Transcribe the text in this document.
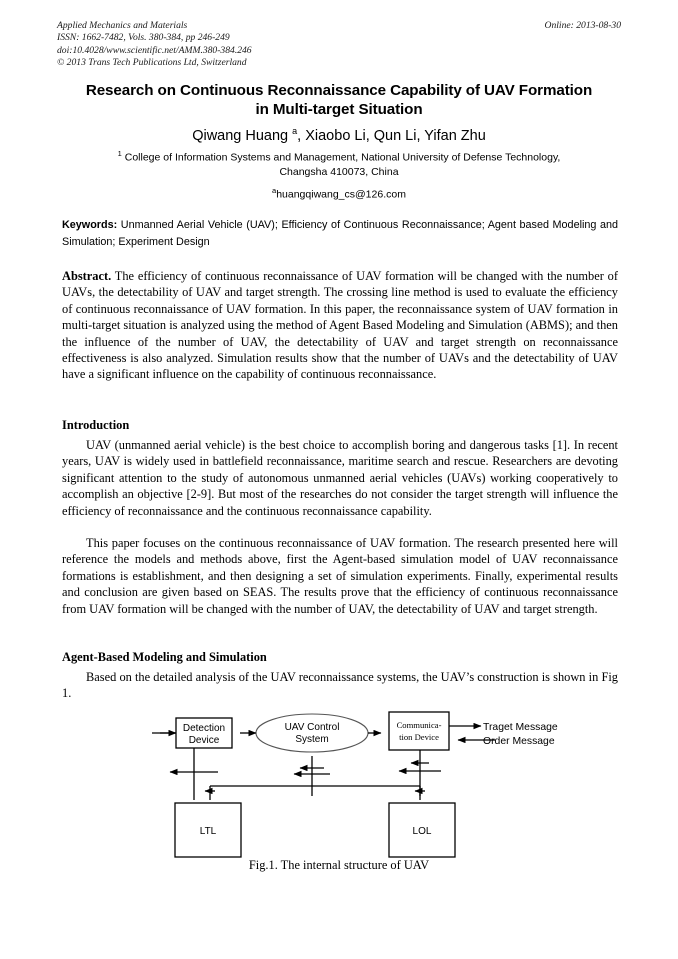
Applied Mechanics and Materials
ISSN: 1662-7482, Vols. 380-384, pp 246-249
doi:10.4028/www.scientific.net/AMM.380-384.246
© 2013 Trans Tech Publications Ltd, Switzerland
Online: 2013-08-30
Research on Continuous Reconnaissance Capability of UAV Formation
in Multi-target Situation
Qiwang Huang $^a$, Xiaobo Li, Qun Li, Yifan Zhu
$^1$ College of Information Systems and Management, National University of Defense Technology,
Changsha 410073, China
$^a$huangqiwang_cs@126.com
Keywords: Unmanned Aerial Vehicle (UAV); Efficiency of Continuous Reconnaissance; Agent based Modeling and Simulation; Experiment Design
Abstract. The efficiency of continuous reconnaissance of UAV formation will be changed with the number of UAVs, the detectability of UAV and target strength. The crossing line method is used to evaluate the efficiency of continuous reconnaissance of UAV formation. In this paper, the reconnaissance system of UAV formation in multi-target situation is analyzed using the method of Agent Based Modeling and Simulation (ABMS); and then the influence of the number of UAV, the detectability of UAV and target strength on reconnaissance effectiveness is also analyzed. Simulation results show that the number of UAVs and the detectability of UAV have a significant influence on the capability of continuous reconnaissance.
Introduction
UAV (unmanned aerial vehicle) is the best choice to accomplish boring and dangerous tasks [1]. In recent years, UAV is widely used in battlefield reconnaissance, maritime search and rescue. Researchers are devoting significant attention to the study of autonomous unmanned aerial vehicles (UAVs) working cooperatively to accomplish an objective [2-9]. But most of the researches do not consider the target strength will influence the efficiency of reconnaissance and the continuous reconnaissance capability.
This paper focuses on the continuous reconnaissance of UAV formation. The research presented here will reference the models and methods above, first the Agent-based simulation model of UAV reconnaissance formations is establishment, and then designing a set of simulation experiments. Finally, experimental results and conclusion are given based on SEAS. The results prove that the efficiency of continuous reconnaissance from UAV formation will be changed with the number of UAV, the detectability of UAV and target strength.
Agent-Based Modeling and Simulation
Based on the detailed analysis of the UAV reconnaissance systems, the UAV’s construction is shown in Fig 1.
Detection
Device
UAV Control
System
Communica-
tion Device
LTL	LOL
Traget Message
Order Message
Fig.1. The internal structure of UAV
